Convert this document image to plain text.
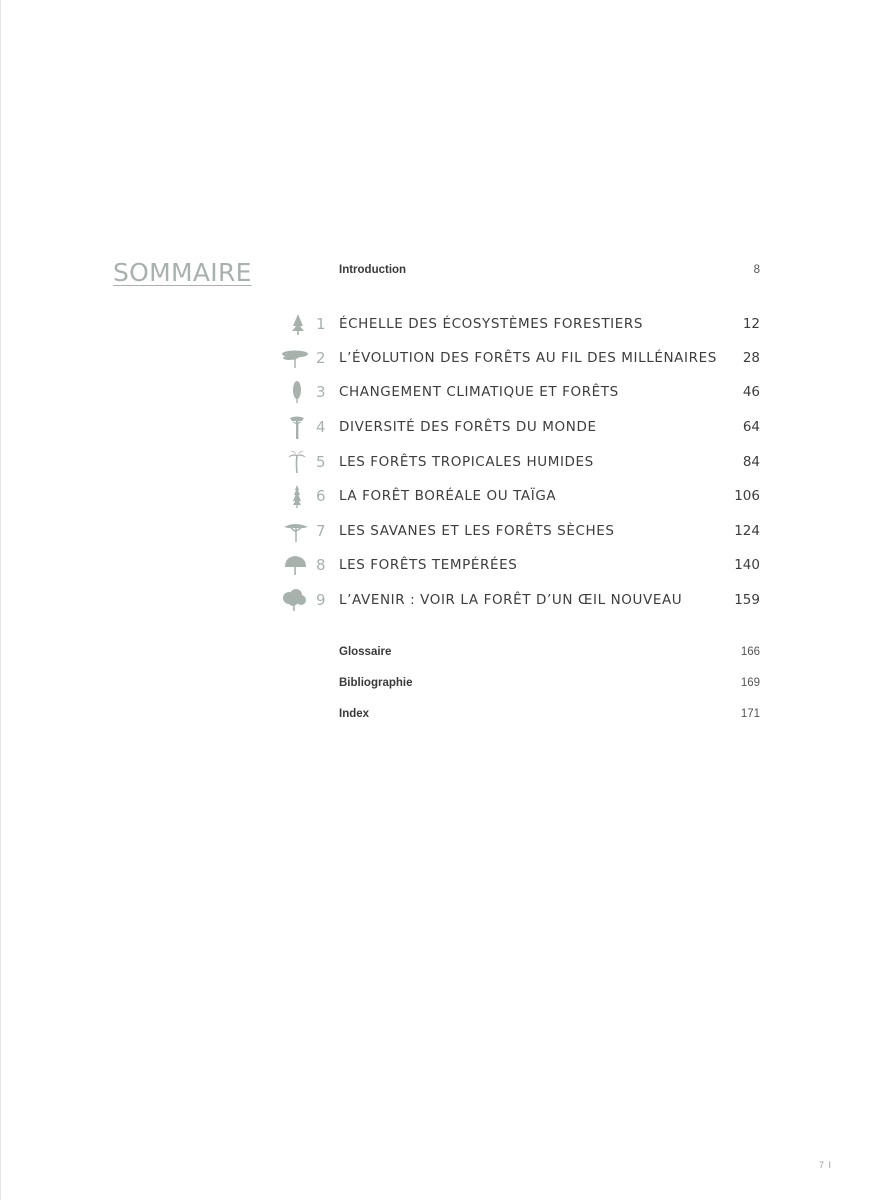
SOMMAIRE	Introduction	8
1 ÉCHELLE DES ÉCOSYSTÈMES FORESTIERS	12
2 L’ÉVOLUTION DES FORÊTS AU FIL DES MILLÉNAIRES 28
3 CHANGEMENT CLIMATIQUE ET FORÊTS	46
4 DIVERSITÉ DES FORÊTS DU MONDE	64
5 LES FORÊTS TROPICALES HUMIDES	84
6 LA FORÊT BORÉALE OU TAÏGA	106
7 LES SAVANES ET LES FORÊTS SÈCHES	124
8 LES FORÊTS TEMPÉRÉES	140
9 L’AVENIR : VOIR LA FORÊT D’UN ŒIL NOUVEAU	159
Glossaire	166
Bibliographie	169
Index	171
7 I
